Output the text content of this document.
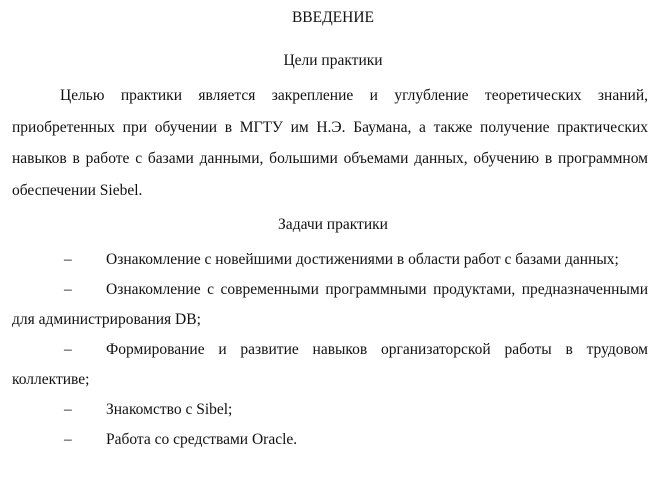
ВВЕДЕНИЕ
Цели практики

Целью практики является закрепление и углубление теоретических знаний, приобретенных при обучении в МГТУ им Н.Э. Баумана, а также получение практических навыков в работе с базами данными, большими объемами данных, обучению в программном обеспечении Siebel.

Задачи практики
– Ознакомление с новейшими достижениями в области работ с базами данных;
– Ознакомление с современными программными продуктами, предназначенными для администрирования DB;
– Формирование и развитие навыков организаторской работы в трудовом коллективе;
– Знакомство с Sibel;
– Работа со средствами Oracle.
